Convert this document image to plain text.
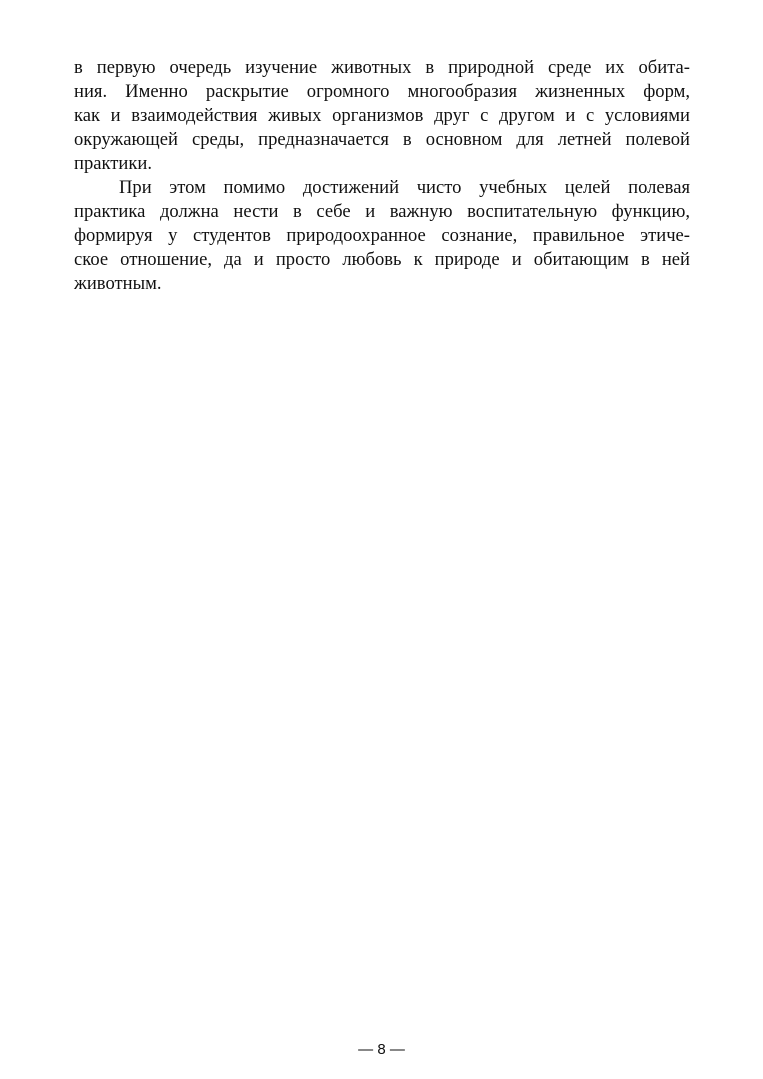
в первую очередь изучение животных в природной среде их обита-
ния. Именно раскрытие огромного многообразия жизненных форм,
как и взаимодействия живых организмов друг с другом и с условиями
окружающей среды, предназначается в основном для летней полевой
практики.
При этом помимо достижений чисто учебных целей полевая
практика должна нести в себе и важную воспитательную функцию,
формируя у студентов природоохранное сознание, правильное этиче-
ское отношение, да и просто любовь к природе и обитающим в ней
животным.
— 8 —
